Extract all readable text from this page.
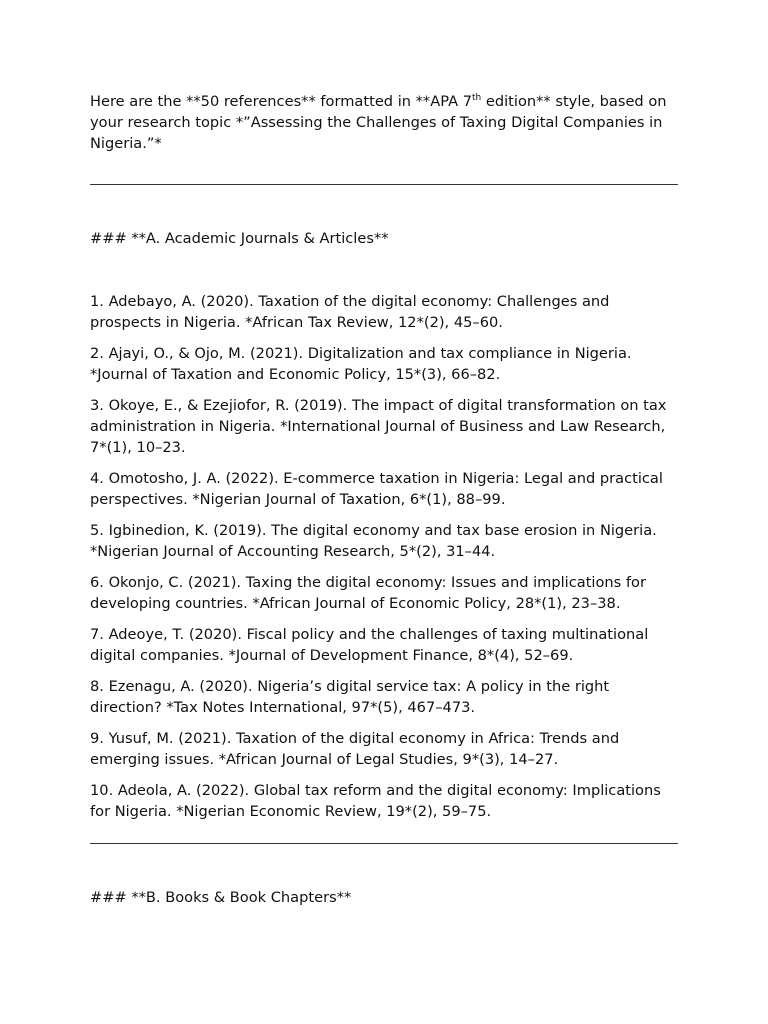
Here are the **50 references** formatted in **APA 7th edition** style, based on your research topic *”Assessing the Challenges of Taxing Digital Companies in Nigeria.”*

### **A. Academic Journals & Articles**
1. Adebayo, A. (2020). Taxation of the digital economy: Challenges and prospects in Nigeria. *African Tax Review, 12*(2), 45–60.
2. Ajayi, O., & Ojo, M. (2021). Digitalization and tax compliance in Nigeria. *Journal of Taxation and Economic Policy, 15*(3), 66–82.
3. Okoye, E., & Ezejiofor, R. (2019). The impact of digital transformation on tax administration in Nigeria. *International Journal of Business and Law Research, 7*(1), 10–23.
4. Omotosho, J. A. (2022). E-commerce taxation in Nigeria: Legal and practical perspectives. *Nigerian Journal of Taxation, 6*(1), 88–99.
5. Igbinedion, K. (2019). The digital economy and tax base erosion in Nigeria. *Nigerian Journal of Accounting Research, 5*(2), 31–44.
6. Okonjo, C. (2021). Taxing the digital economy: Issues and implications for developing countries. *African Journal of Economic Policy, 28*(1), 23–38.
7. Adeoye, T. (2020). Fiscal policy and the challenges of taxing multinational digital companies. *Journal of Development Finance, 8*(4), 52–69.
8. Ezenagu, A. (2020). Nigeria’s digital service tax: A policy in the right direction? *Tax Notes International, 97*(5), 467–473.
9. Yusuf, M. (2021). Taxation of the digital economy in Africa: Trends and emerging issues. *African Journal of Legal Studies, 9*(3), 14–27.
10. Adeola, A. (2022). Global tax reform and the digital economy: Implications for Nigeria. *Nigerian Economic Review, 19*(2), 59–75.
### **B. Books & Book Chapters**
